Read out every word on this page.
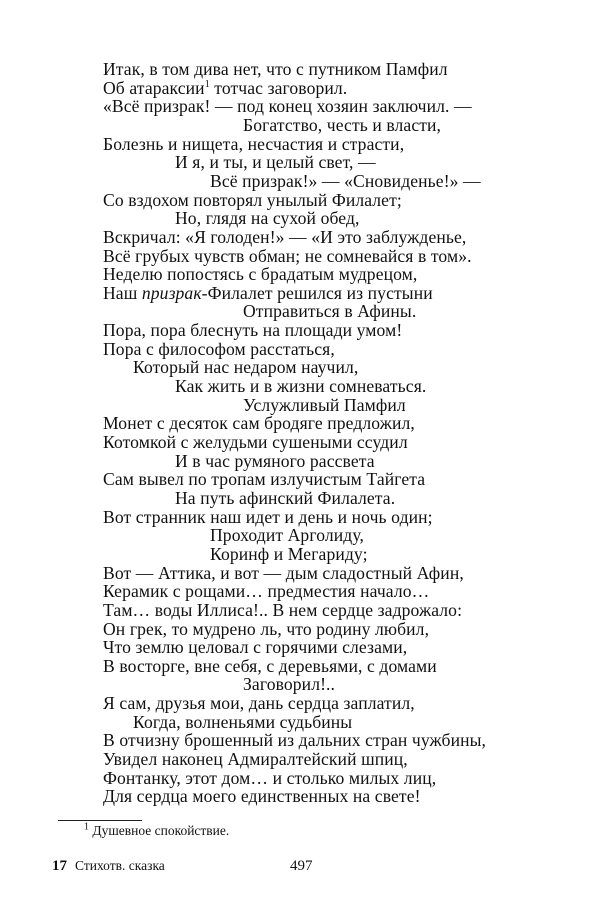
Итак, в том дива нет, что с путником Памфил
Об атараксии$^1$ тотчас заговорил.
«Всё призрак! — под конец хозяин заключил. —
Богатство, честь и власти,
Болезнь и нищета, несчастия и страсти,
И я, и ты, и целый свет, —
Всё призрак!» — «Сновиденье!» —
Со вздохом повторял унылый Филалет;
Но, глядя на сухой обед,
Вскричал: «Я голоден!» — «И это заблужденье,
Всё грубых чувств обман; не сомневайся в том».
Неделю попостясь с брадатым мудрецом,
Наш призрак-Филалет решился из пустыни
Отправиться в Афины.
Пора, пора блеснуть на площади умом!
Пора с философом расстаться,
Который нас недаром научил,
Как жить и в жизни сомневаться.
Услужливый Памфил
Монет с десяток сам бродяге предложил,
Котомкой с желудьми сушеными ссудил
И в час румяного рассвета
Сам вывел по тропам излучистым Тайгета
На путь афинский Филалета.
Вот странник наш идет и день и ночь один;
Проходит Арголиду,
Коринф и Мегариду;
Вот — Аттика, и вот — дым сладостный Афин,
Керамик с рощами… предместия начало…
Там… воды Иллиса!.. В нем сердце задрожало:
Он грек, то мудрено ль, что родину любил,
Что землю целовал с горячими слезами,
В восторге, вне себя, с деревьями, с домами
Заговорил!..
Я сам, друзья мои, дань сердца заплатил,
Когда, волненьями судьбины
В отчизну брошенный из дальних стран чужбины,
Увидел наконец Адмиралтейский шпиц,
Фонтанку, этот дом… и столько милых лиц,
Для сердца моего единственных на свете!
$^1$ Душевное спокойствие.
17 Стихотв. сказка	497
